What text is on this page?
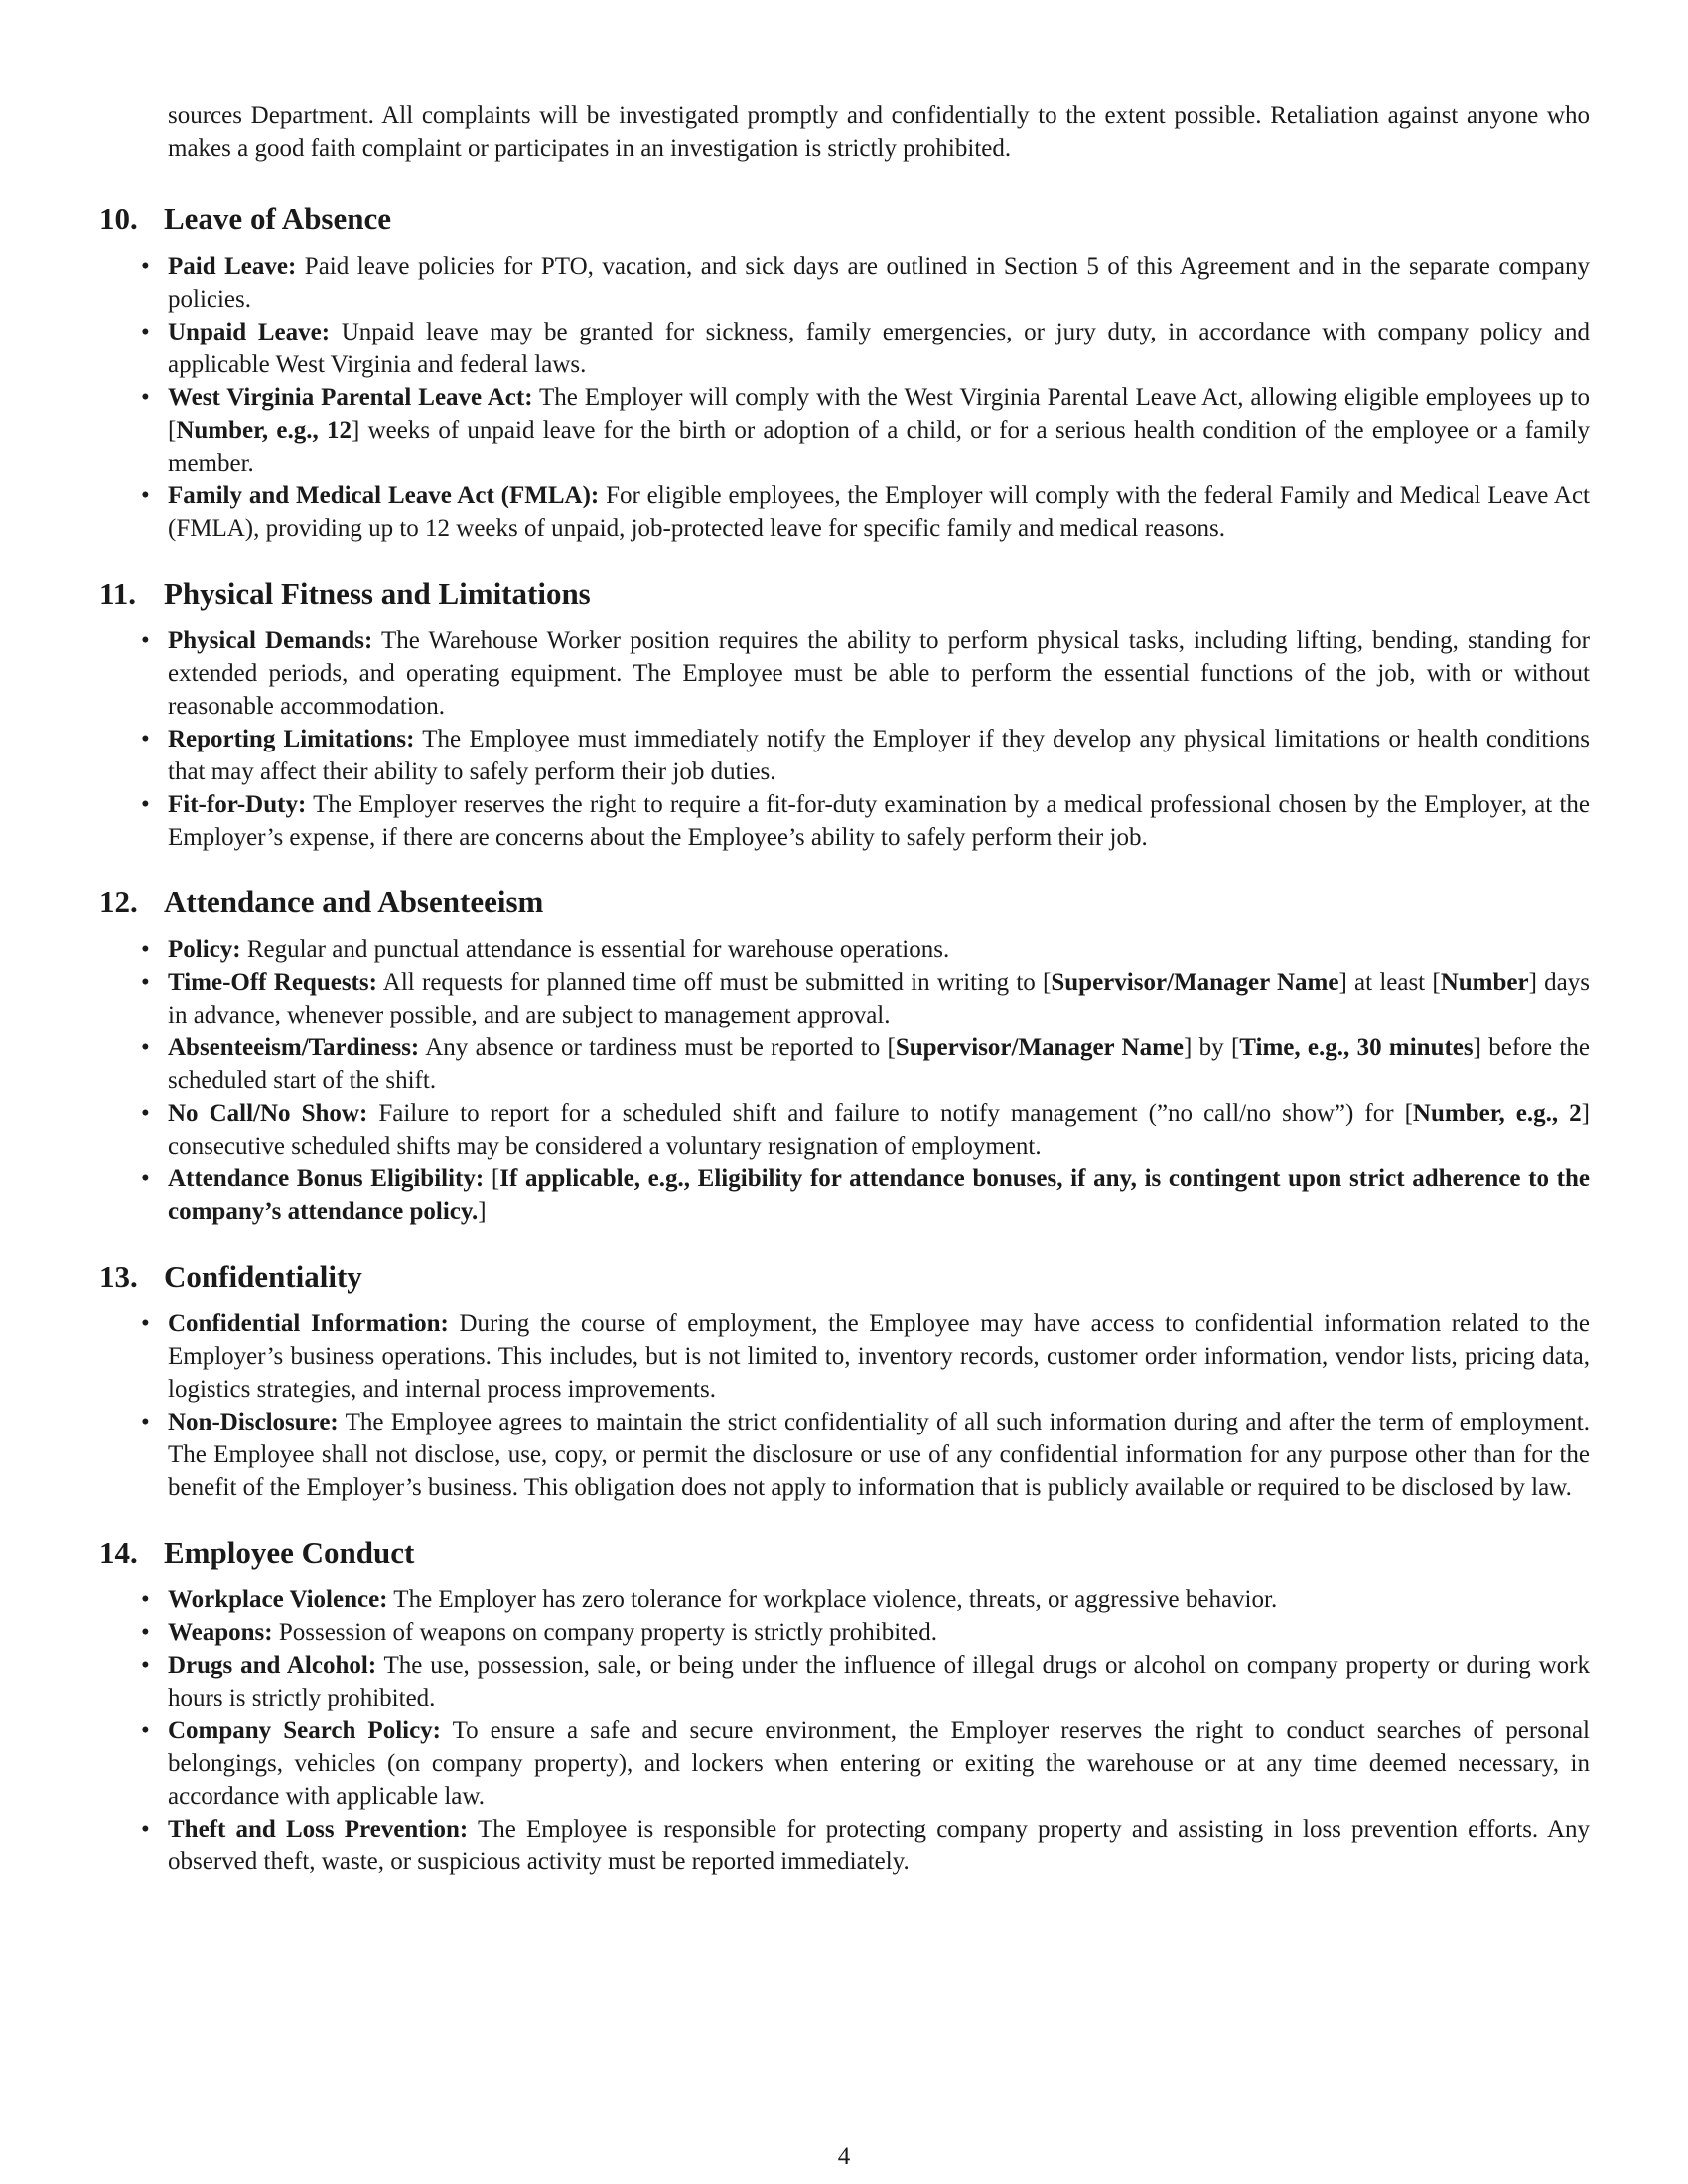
sources Department. All complaints will be investigated promptly and confidentially to the extent possible. Retaliation against anyone who makes a good faith complaint or participates in an investigation is strictly prohibited.

10. Leave of Absence
• Paid Leave: Paid leave policies for PTO, vacation, and sick days are outlined in Section 5 of this Agreement and in the separate company policies.
• Unpaid Leave: Unpaid leave may be granted for sickness, family emergencies, or jury duty, in accordance with company policy and applicable West Virginia and federal laws.
• West Virginia Parental Leave Act: The Employer will comply with the West Virginia Parental Leave Act, allowing eligible employees up to [Number, e.g., 12] weeks of unpaid leave for the birth or adoption of a child, or for a serious health condition of the employee or a family member.
• Family and Medical Leave Act (FMLA): For eligible employees, the Employer will comply with the federal Family and Medical Leave Act (FMLA), providing up to 12 weeks of unpaid, job-protected leave for specific family and medical reasons.
11. Physical Fitness and Limitations
• Physical Demands: The Warehouse Worker position requires the ability to perform physical tasks, including lifting, bending, standing for extended periods, and operating equipment. The Employee must be able to perform the essential functions of the job, with or without reasonable accommodation.
• Reporting Limitations: The Employee must immediately notify the Employer if they develop any physical limitations or health conditions that may affect their ability to safely perform their job duties.
• Fit-for-Duty: The Employer reserves the right to require a fit-for-duty examination by a medical professional chosen by the Employer, at the Employer’s expense, if there are concerns about the Employee’s ability to safely perform their job.
12. Attendance and Absenteeism
• Policy: Regular and punctual attendance is essential for warehouse operations.
• Time-Off Requests: All requests for planned time off must be submitted in writing to [Supervisor/Manager Name] at least [Number] days in advance, whenever possible, and are subject to management approval.
• Absenteeism/Tardiness: Any absence or tardiness must be reported to [Supervisor/Manager Name] by [Time, e.g., 30 minutes] before the scheduled start of the shift.
• No Call/No Show: Failure to report for a scheduled shift and failure to notify management (”no call/no show”) for [Number, e.g., 2] consecutive scheduled shifts may be considered a voluntary resignation of employment.
• Attendance Bonus Eligibility: [If applicable, e.g., Eligibility for attendance bonuses, if any, is contingent upon strict adherence to the company’s attendance policy.]
13. Confidentiality
• Confidential Information: During the course of employment, the Employee may have access to confidential information related to the Employer’s business operations. This includes, but is not limited to, inventory records, customer order information, vendor lists, pricing data, logistics strategies, and internal process improvements.
• Non-Disclosure: The Employee agrees to maintain the strict confidentiality of all such information during and after the term of employment. The Employee shall not disclose, use, copy, or permit the disclosure or use of any confidential information for any purpose other than for the benefit of the Employer’s business. This obligation does not apply to information that is publicly available or required to be disclosed by law.
14. Employee Conduct
• Workplace Violence: The Employer has zero tolerance for workplace violence, threats, or aggressive behavior.
• Weapons: Possession of weapons on company property is strictly prohibited.
• Drugs and Alcohol: The use, possession, sale, or being under the influence of illegal drugs or alcohol on company property or during work hours is strictly prohibited.
• Company Search Policy: To ensure a safe and secure environment, the Employer reserves the right to conduct searches of personal belongings, vehicles (on company property), and lockers when entering or exiting the warehouse or at any time deemed necessary, in accordance with applicable law.
• Theft and Loss Prevention: The Employee is responsible for protecting company property and assisting in loss prevention efforts. Any observed theft, waste, or suspicious activity must be reported immediately.
4
